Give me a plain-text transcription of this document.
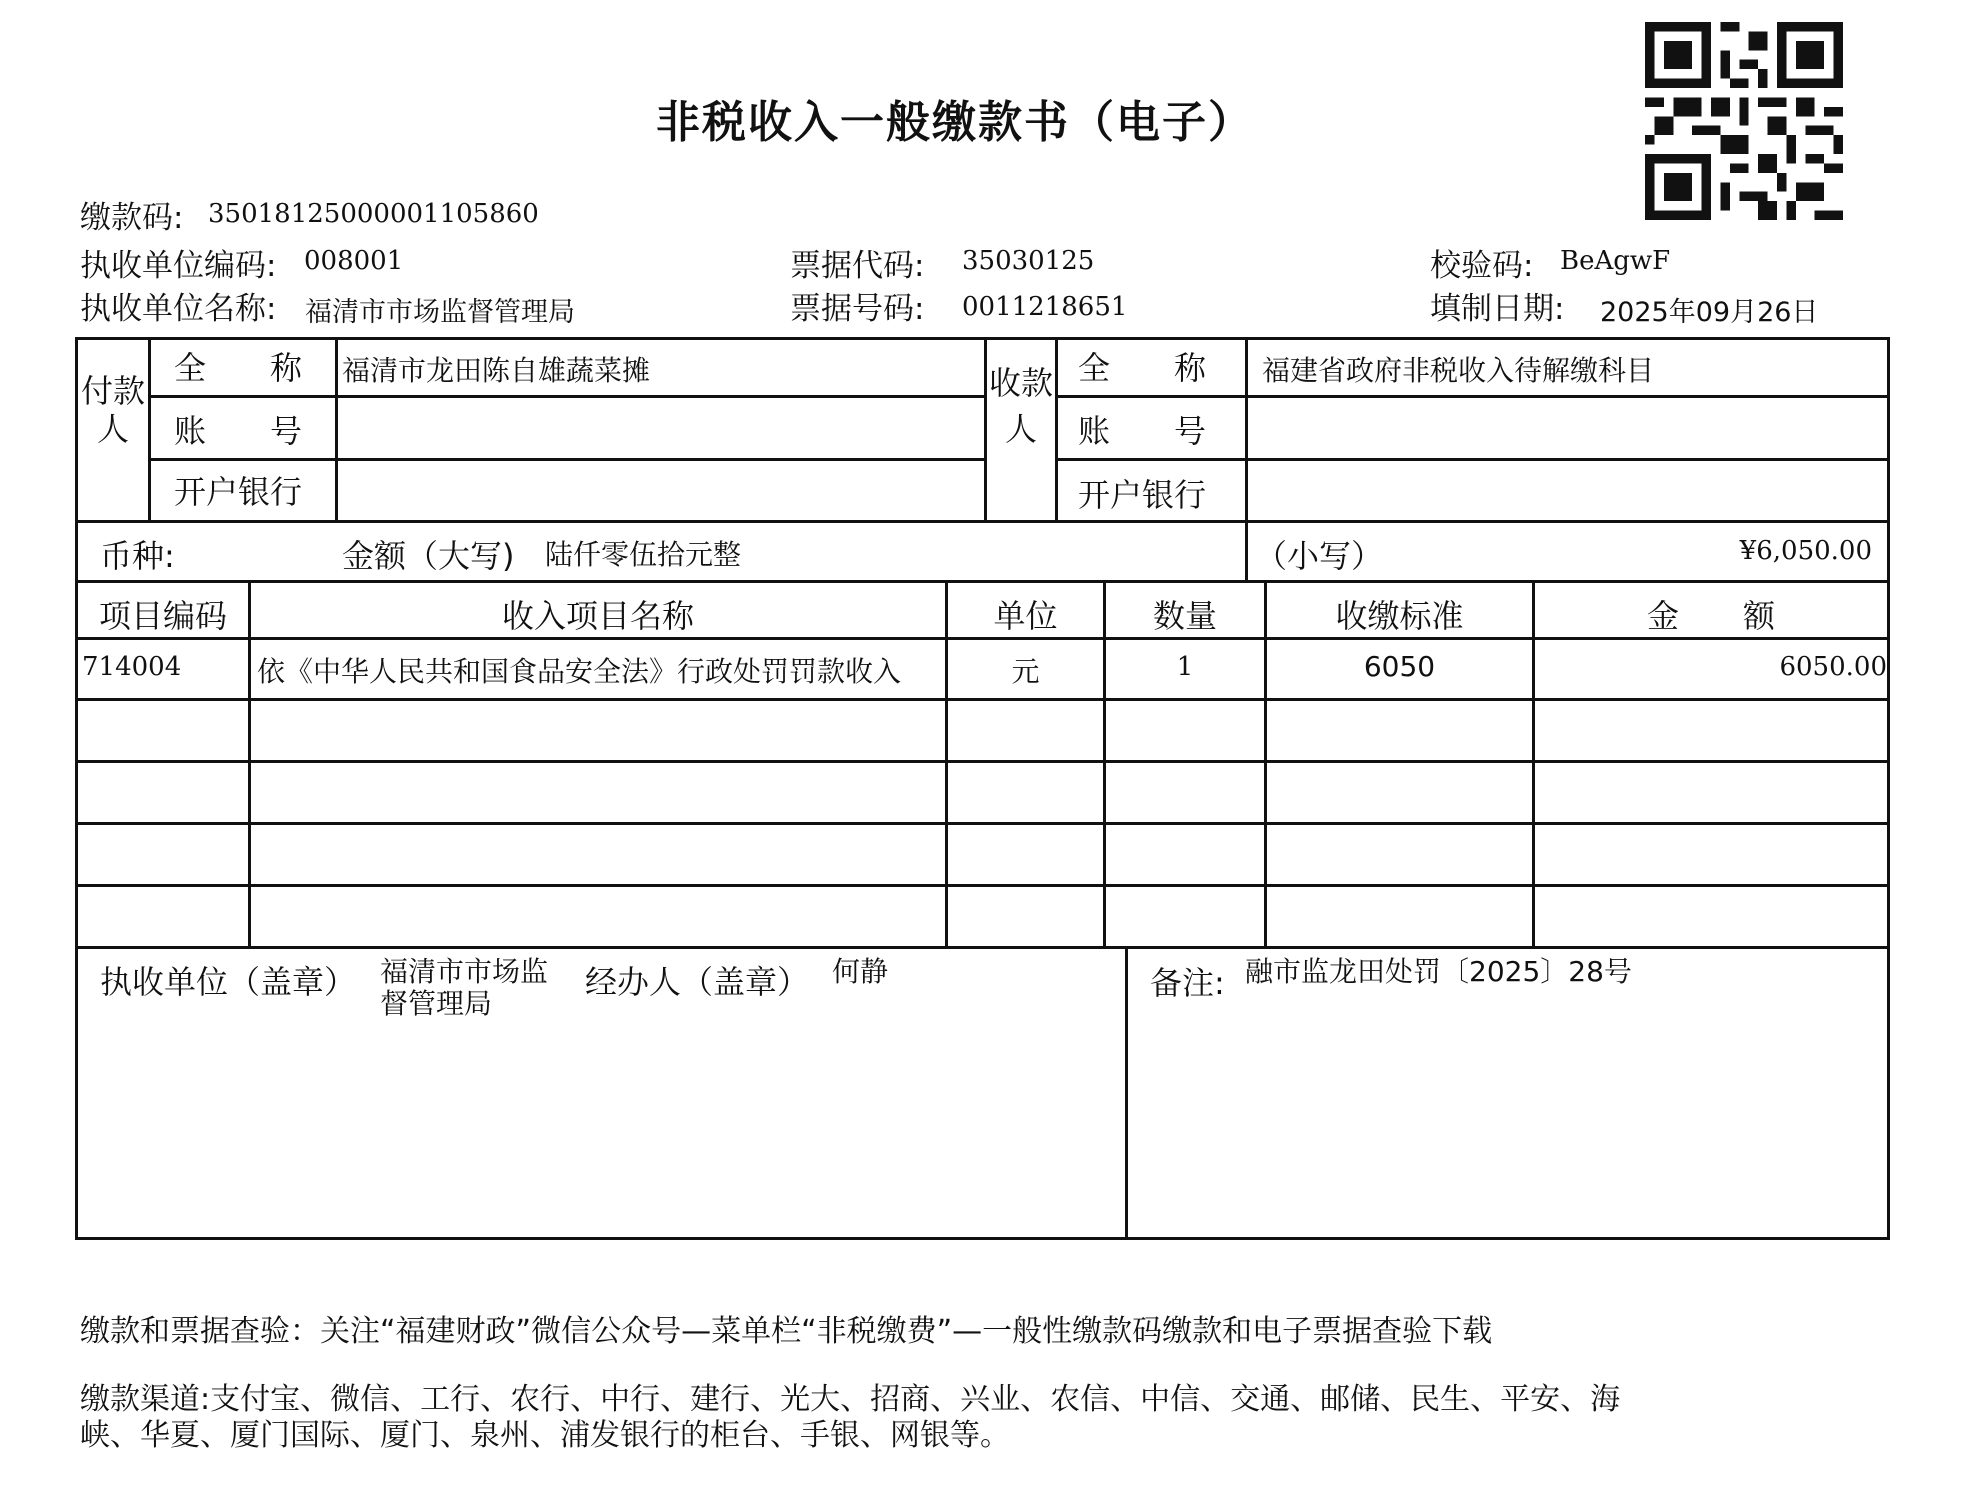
非税收入一般缴款书（电子）
缴款码: 35018125000001105860
执收单位编码: 008001
执收单位名称: 福清市市场监督管理局
票据代码: 35030125
票据号码: 0011218651
校验码: BeAgwF
填制日期: 2025年09月26日
付款人
全　　称 福清市龙田陈自雄蔬菜摊
账　　号
开户银行
收款人
全　　称 福建省政府非税收入待解缴科目
账　　号
开户银行
币种:	金额（大写) 陆仟零伍拾元整	（小写）	¥6,050.00
项目编码	收入项目名称	单位	数量	收缴标准	金　　额
714004	依《中华人民共和国食品安全法》行政处罚罚款收入	元	1	6050	6050.00
执收单位（盖章） 福清市市场监
督管理局
经办人（盖章） 何静	备注: 融市监龙田处罚〔2025〕28号
缴款和票据查验：关注“福建财政”微信公众号—菜单栏“非税缴费”—一般性缴款码缴款和电子票据查验下载
缴款渠道:支付宝、微信、工行、农行、中行、建行、光大、招商、兴业、农信、中信、交通、邮储、民生、平安、海
峡、华夏、厦门国际、厦门、泉州、浦发银行的柜台、手银、网银等。
